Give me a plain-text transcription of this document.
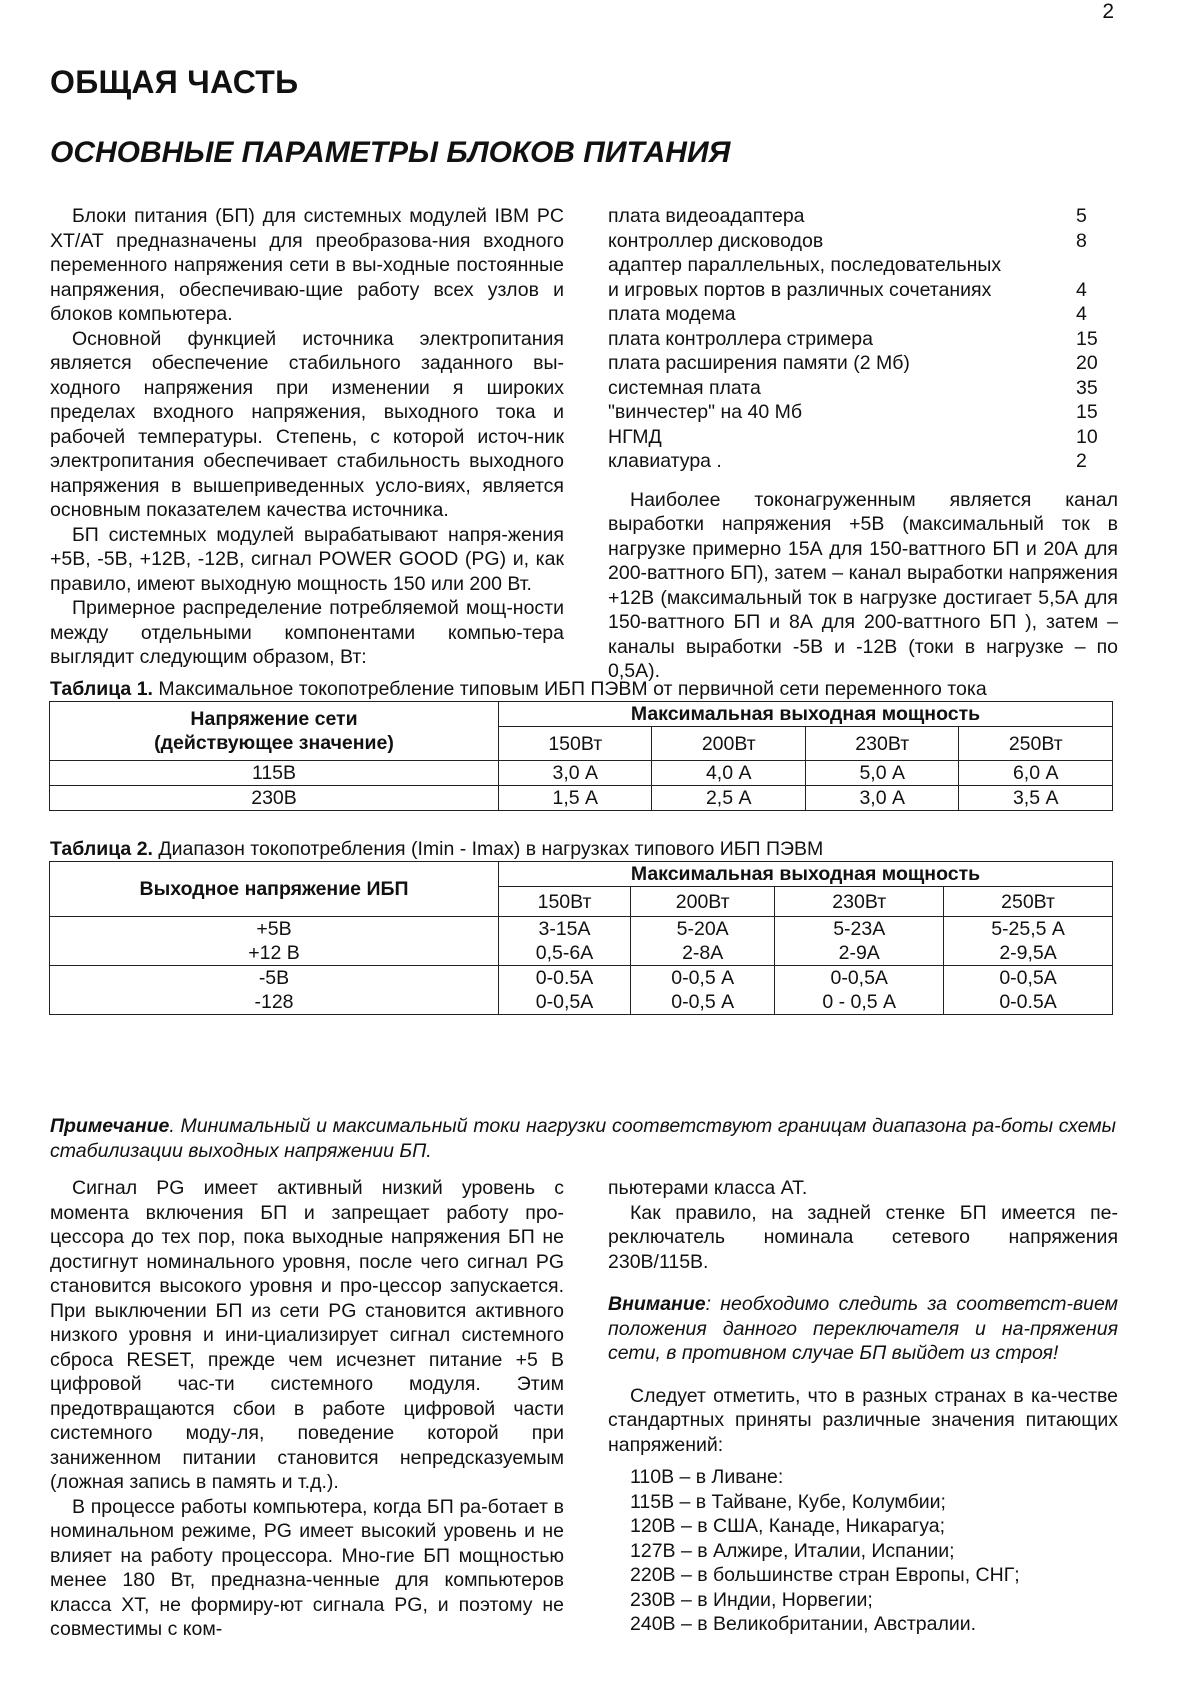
2
ОБЩАЯ ЧАСТЬ
ОСНОВНЫЕ ПАРАМЕТРЫ БЛОКОВ ПИТАНИЯ

Блоки питания (БП) для системных модулей IBM PC XT/AT предназначены для преобразова-ния входного переменного напряжения сети в вы-ходные постоянные напряжения, обеспечиваю-щие работу всех узлов и блоков компьютера.

Основной функцией источника электропитания является обеспечение стабильного заданного вы-ходного напряжения при изменении я широких пределах входного напряжения, выходного тока и рабочей температуры. Степень, с которой источ-ник электропитания обеспечивает стабильность выходного напряжения в вышеприведенных усло-виях, является основным показателем качества источника.

БП системных модулей вырабатывают напря-жения +5В, -5В, +12В, -12В, сигнал POWER GOOD (PG) и, как правило, имеют выходную мощность 150 или 200 Вт.

Примерное распределение потребляемой мощ-ности между отдельными компонентами компью-тера выглядит следующим образом, Вт:

плата видеоадаптера	5
контроллер дисководов	8
адаптер параллельных, последовательных
и игровых портов в различных сочетаниях	4
плата модема	4
плата контроллера стримера	15
плата расширения памяти (2 Мб)	20
системная плата	35
"винчестер" на 40 Мб	15
НГМД	10
клавиатура .	2

Наиболее токонагруженным является канал выработки напряжения +5В (максимальный ток в нагрузке примерно 15А для 150-ваттного БП и 20А для 200-ваттного БП), затем – канал выработки напряжения +12В (максимальный ток в нагрузке достигает 5,5А для 150-ваттного БП и 8А для 200-ваттного БП ), затем – каналы выработки -5В и -12В (токи в нагрузке – по 0,5А).

Таблица 1. Максимальное токопотребление типовым ИБП ПЭВМ от первичной сети переменного тока
Напряжение сети
(действующее значение)	Максимальная выходная мощность			
	150Вт	200Вт	230Вт	250Вт
115В	3,0 А	4,0 А	5,0 А	6,0 А
230В	1,5 А	2,5 А	3,0 А	3,5 А
Таблица 2. Диапазон токопотребления (Imin - Imax) в нагрузках типового ИБП ПЭВМ
Выходное напряжение ИБП	Максимальная выходная мощность			
	150Вт	200Вт	230Вт	250Вт
+5В	3-15А	5-20А	5-23А	5-25,5 А
+12 В	0,5-6А	2-8А	2-9А	2-9,5А
-5В	0-0.5А	0-0,5 А	0-0,5А	0-0,5А
-128	0-0,5А	0-0,5 А	0 - 0,5 А	0-0.5А
Примечание. Минимальный и максимальный токи нагрузки соответствуют границам диапазона ра-боты схемы стабилизации выходных напряжении БП.

Сигнал PG имеет активный низкий уровень с момента включения БП и запрещает работу про-цессора до тех пор, пока выходные напряжения БП не достигнут номинального уровня, после чего сигнал PG становится высокого уровня и про-цессор запускается. При выключении БП из сети PG становится активного низкого уровня и ини-циализирует сигнал системного сброса RESET, прежде чем исчезнет питание +5 В цифровой час-ти системного модуля. Этим предотвращаются сбои в работе цифровой части системного моду-ля, поведение которой при заниженном питании становится непредсказуемым (ложная запись в память и т.д.).

В процессе работы компьютера, когда БП ра-ботает в номинальном режиме, PG имеет высокий уровень и не влияет на работу процессора. Мно-гие БП мощностью менее 180 Вт, предназна-ченные для компьютеров класса XT, не формиру-ют сигнала PG, и поэтому не совместимы с ком-

пьютерами класса AT.

Как правило, на задней стенке БП имеется пе-реключатель номинала сетевого напряжения 230В/115В.

Внимание: необходимо следить за соответст-вием положения данного переключателя и на-пряжения сети, в противном случае БП выйдет из строя!

Следует отметить, что в разных странах в ка-честве стандартных приняты различные значения питающих напряжений:

110В – в Ливане:
115В – в Тайване, Кубе, Колумбии;
120В – в США, Канаде, Никарагуа;
127В – в Алжире, Италии, Испании;
220В – в большинстве стран Европы, СНГ;
230В – в Индии, Норвегии;
240В – в Великобритании, Австралии.
